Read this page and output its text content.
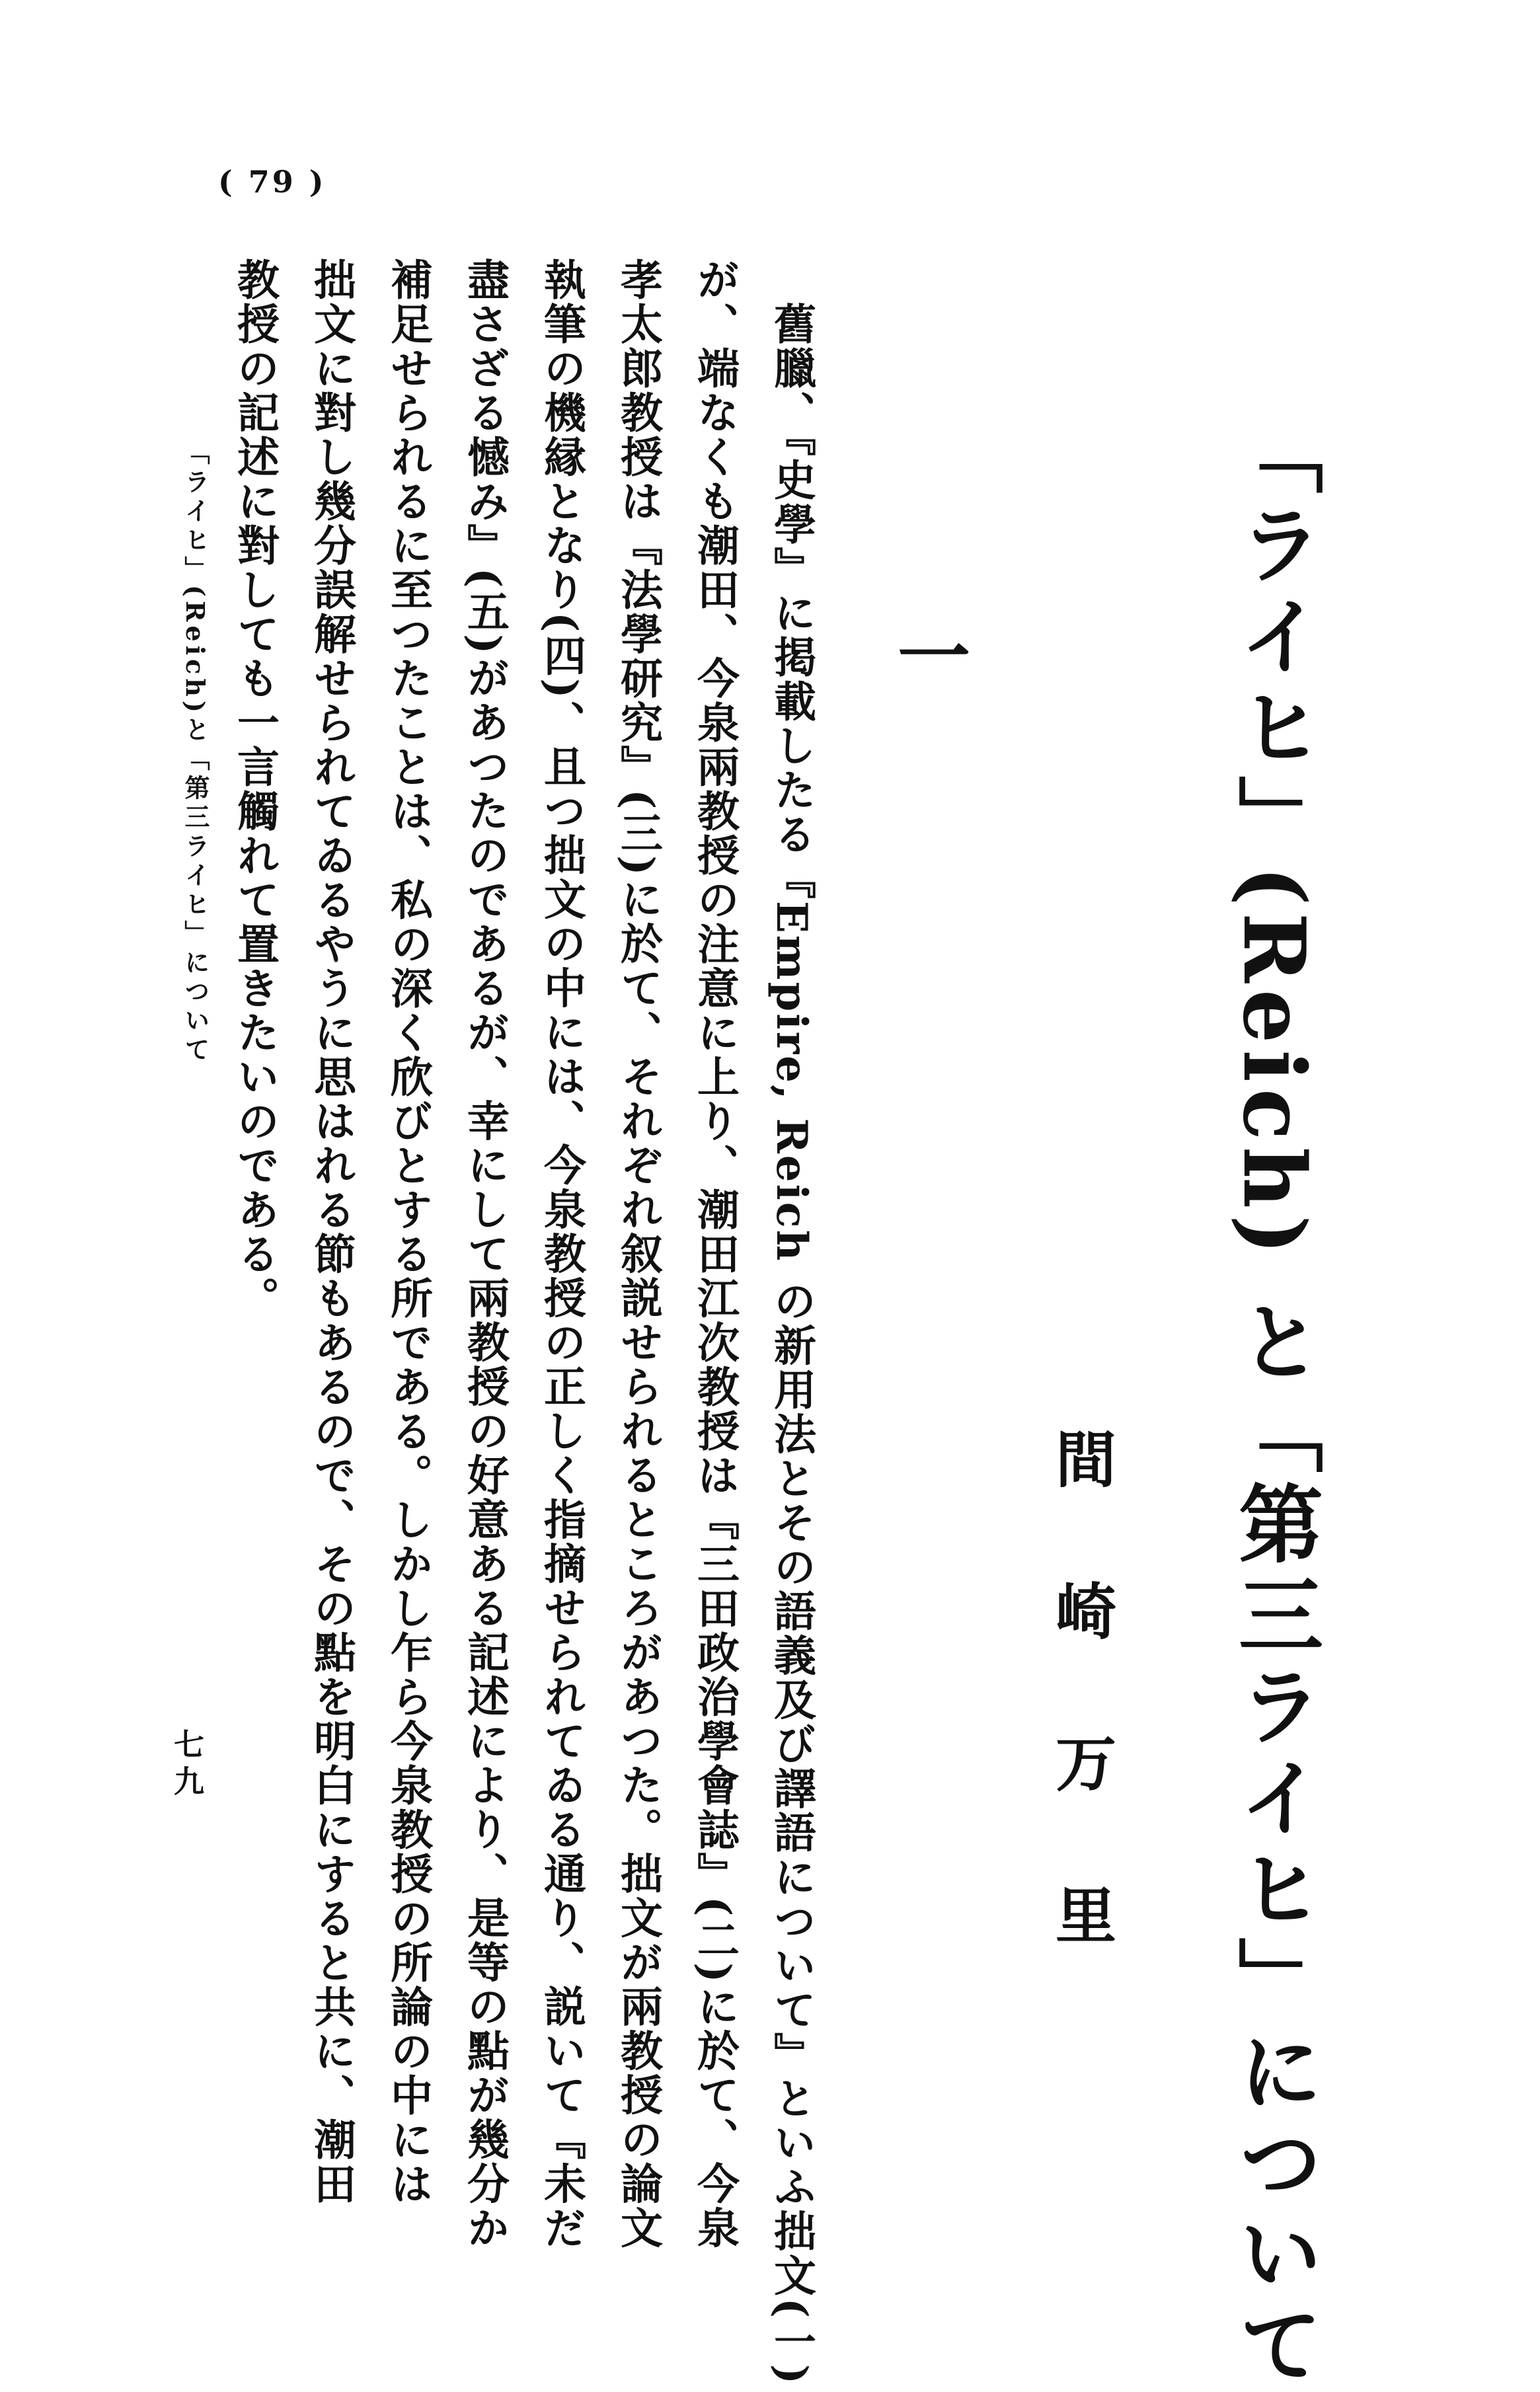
( 79 )
「ライヒ」(Reich) と「第三ライヒ」について
間崎万里
一
　舊臘、『史學』に掲載したる『Empire, Reich の新用法とその語義及び譯語について』といふ拙文(一)
が、端なくも潮田、今泉兩教授の注意に上り、潮田江次教授は『三田政治學會誌』(二)に於て、今泉
孝太郎教授は『法學研究』(三)に於て、それぞれ叙説せられるところがあつた。拙文が兩教授の論文
執筆の機縁となり(四)、且つ拙文の中には、今泉教授の正しく指摘せられてゐる通り、説いて『未だ
盡さざる憾み』(五)があつたのであるが、幸にして兩教授の好意ある記述により、是等の點が幾分か
補足せられるに至つたことは、私の深く欣びとする所である。しかし乍ら今泉教授の所論の中には
拙文に對し幾分誤解せられてゐるやうに思はれる節もあるので、その點を明白にすると共に、潮田
教授の記述に對しても一言觸れて置きたいのである。
「ライヒ」(Reich)と「第三ライヒ」について
七九
